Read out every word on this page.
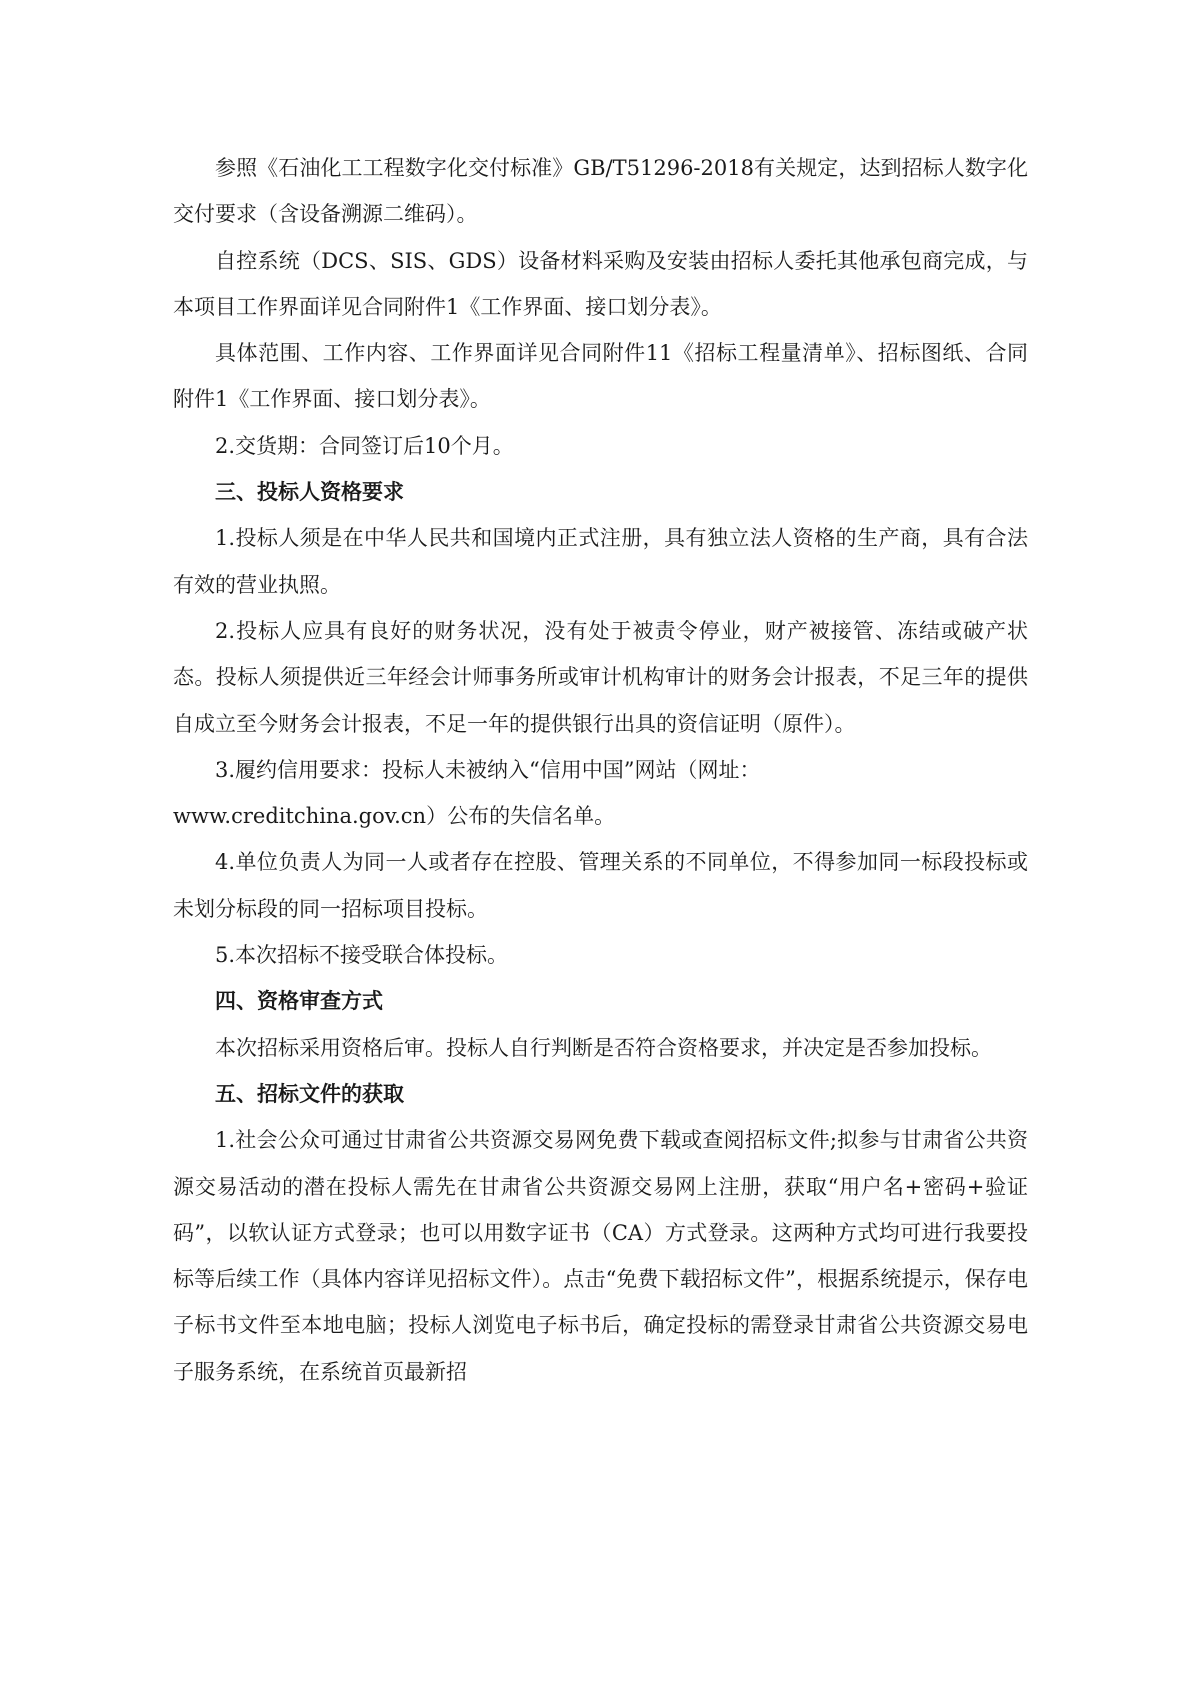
参照《石油化工工程数字化交付标准》GB/T51296-2018有关规定，达到招标人数字化交付要求（含设备溯源二维码）。

自控系统（DCS、SIS、GDS）设备材料采购及安装由招标人委托其他承包商完成，与本项目工作界面详见合同附件1《工作界面、接口划分表》。

具体范围、工作内容、工作界面详见合同附件11《招标工程量清单》、招标图纸、合同附件1《工作界面、接口划分表》。

2.交货期：合同签订后10个月。

三、投标人资格要求

1.投标人须是在中华人民共和国境内正式注册，具有独立法人资格的生产商，具有合法有效的营业执照。

2.投标人应具有良好的财务状况，没有处于被责令停业，财产被接管、冻结或破产状态。投标人须提供近三年经会计师事务所或审计机构审计的财务会计报表，不足三年的提供自成立至今财务会计报表，不足一年的提供银行出具的资信证明（原件）。

3.履约信用要求：投标人未被纳入“信用中国”网站（网址：

www.creditchina.gov.cn）公布的失信名单。

4.单位负责人为同一人或者存在控股、管理关系的不同单位，不得参加同一标段投标或未划分标段的同一招标项目投标。

5.本次招标不接受联合体投标。

四、资格审查方式

本次招标采用资格后审。投标人自行判断是否符合资格要求，并决定是否参加投标。

五、招标文件的获取

1.社会公众可通过甘肃省公共资源交易网免费下载或查阅招标文件;拟参与甘肃省公共资源交易活动的潜在投标人需先在甘肃省公共资源交易网上注册，获取“用户名+密码+验证码”，以软认证方式登录；也可以用数字证书（CA）方式登录。这两种方式均可进行我要投标等后续工作（具体内容详见招标文件）。点击“免费下载招标文件”，根据系统提示，保存电子标书文件至本地电脑；投标人浏览电子标书后，确定投标的需登录甘肃省公共资源交易电子服务系统，在系统首页最新招
